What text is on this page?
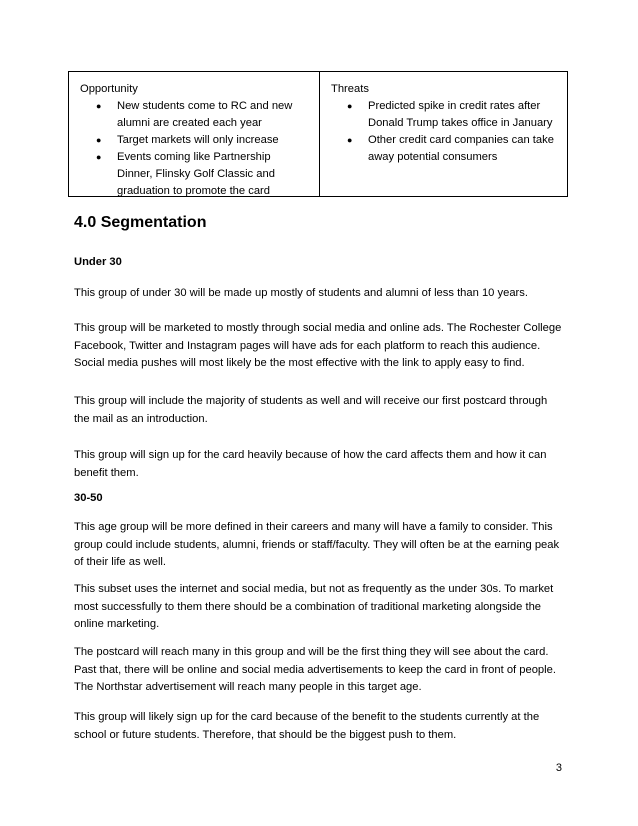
Opportunity

● New students come to RC and new alumni are created each year
● Target markets will only increase
● Events coming like Partnership Dinner, Flinsky Golf Classic and graduation to promote the card

Threats

● Predicted spike in credit rates after Donald Trump takes office in January
● Other credit card companies can take away potential consumers
4.0 Segmentation

Under 30

This group of under 30 will be made up mostly of students and alumni of less than 10 years.

This group will be marketed to mostly through social media and online ads. The Rochester College Facebook, Twitter and Instagram pages will have ads for each platform to reach this audience. Social media pushes will most likely be the most effective with the link to apply easy to find.

This group will include the majority of students as well and will receive our first postcard through the mail as an introduction.

This group will sign up for the card heavily because of how the card affects them and how it can benefit them.

30-50

This age group will be more defined in their careers and many will have a family to consider. This group could include students, alumni, friends or staff/faculty. They will often be at the earning peak of their life as well.

This subset uses the internet and social media, but not as frequently as the under 30s. To market most successfully to them there should be a combination of traditional marketing alongside the online marketing.

The postcard will reach many in this group and will be the first thing they will see about the card. Past that, there will be online and social media advertisements to keep the card in front of people. The Northstar advertisement will reach many people in this target age.

This group will likely sign up for the card because of the benefit to the students currently at the school or future students. Therefore, that should be the biggest push to them.

3
